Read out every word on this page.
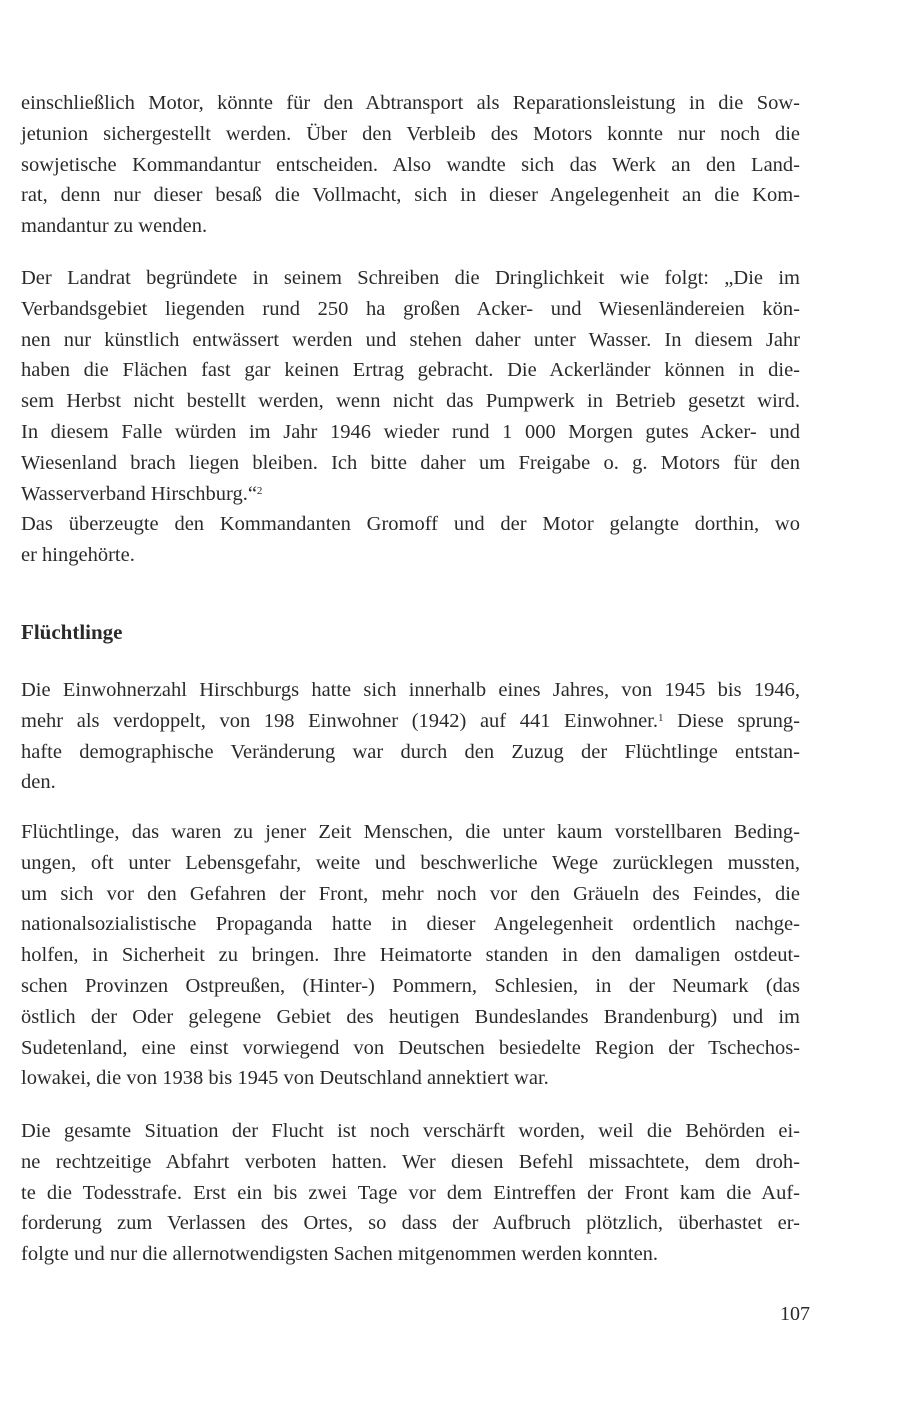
einschließlich Motor, könnte für den Abtransport als Reparationsleistung in die Sow-
jetunion sichergestellt werden. Über den Verbleib des Motors konnte nur noch die
sowjetische Kommandantur entscheiden. Also wandte sich das Werk an den Land-
rat, denn nur dieser besaß die Vollmacht, sich in dieser Angelegenheit an die Kom-
mandantur zu wenden.
Der Landrat begründete in seinem Schreiben die Dringlichkeit wie folgt: „Die im
Verbandsgebiet liegenden rund 250 ha großen Acker- und Wiesenländereien kön-
nen nur künstlich entwässert werden und stehen daher unter Wasser. In diesem Jahr
haben die Flächen fast gar keinen Ertrag gebracht. Die Ackerländer können in die-
sem Herbst nicht bestellt werden, wenn nicht das Pumpwerk in Betrieb gesetzt wird.
In diesem Falle würden im Jahr 1946 wieder rund 1 000 Morgen gutes Acker- und
Wiesenland brach liegen bleiben. Ich bitte daher um Freigabe o. g. Motors für den
Wasserverband Hirschburg.“$^2$
Das überzeugte den Kommandanten Gromoff und der Motor gelangte dorthin, wo
er hingehörte.
Flüchtlinge
Die Einwohnerzahl Hirschburgs hatte sich innerhalb eines Jahres, von 1945 bis 1946,
mehr als verdoppelt, von 198 Einwohner (1942) auf 441 Einwohner.$^1$ Diese sprung-
hafte demographische Veränderung war durch den Zuzug der Flüchtlinge entstan-
den.
Flüchtlinge, das waren zu jener Zeit Menschen, die unter kaum vorstellbaren Beding-
ungen, oft unter Lebensgefahr, weite und beschwerliche Wege zurücklegen mussten,
um sich vor den Gefahren der Front, mehr noch vor den Gräueln des Feindes, die
nationalsozialistische Propaganda hatte in dieser Angelegenheit ordentlich nachge-
holfen, in Sicherheit zu bringen. Ihre Heimatorte standen in den damaligen ostdeut-
schen Provinzen Ostpreußen, (Hinter-) Pommern, Schlesien, in der Neumark (das
östlich der Oder gelegene Gebiet des heutigen Bundeslandes Brandenburg) und im
Sudetenland, eine einst vorwiegend von Deutschen besiedelte Region der Tschechos-
lowakei, die von 1938 bis 1945 von Deutschland annektiert war.
Die gesamte Situation der Flucht ist noch verschärft worden, weil die Behörden ei-
ne rechtzeitige Abfahrt verboten hatten. Wer diesen Befehl missachtete, dem droh-
te die Todesstrafe. Erst ein bis zwei Tage vor dem Eintreffen der Front kam die Auf-
forderung zum Verlassen des Ortes, so dass der Aufbruch plötzlich, überhastet er-
folgte und nur die allernotwendigsten Sachen mitgenommen werden konnten.
107
